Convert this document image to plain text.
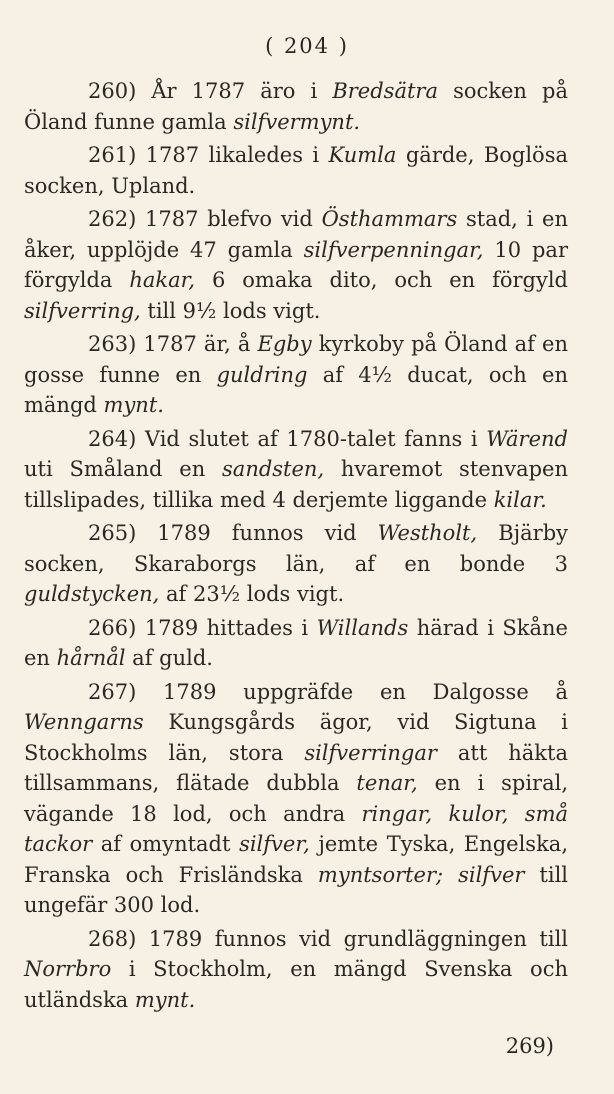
( 204 )

260) År 1787 äro i Bredsätra socken på Öland funne gamla silfvermynt.

261) 1787 likaledes i Kumla gärde, Boglösa socken, Upland.

262) 1787 blefvo vid Östhammars stad, i en åker, upplöjde 47 gamla silfverpenningar, 10 par förgylda hakar, 6 omaka dito, och en förgyld silfverring, till 9½ lods vigt.

263) 1787 är, å Egby kyrkoby på Öland af en gosse funne en guldring af 4½ ducat, och en mängd mynt.

264) Vid slutet af 1780-talet fanns i Wärend uti Småland en sandsten, hvaremot stenvapen tillslipades, tillika med 4 derjemte liggande kilar.

265) 1789 funnos vid Westholt, Bjärby socken, Skaraborgs län, af en bonde 3 guldstycken, af 23½ lods vigt.

266) 1789 hittades i Willands härad i Skåne en hårnål af guld.

267) 1789 uppgräfde en Dalgosse å Wenngarns Kungsgårds ägor, vid Sigtuna i Stockholms län, stora silfverringar att häkta tillsammans, flätade dubbla tenar, en i spiral, vägande 18 lod, och andra ringar, kulor, små tackor af omyntadt silfver, jemte Tyska, Engelska, Franska och Frisländska myntsorter; silfver till ungefär 300 lod.

268) 1789 funnos vid grundläggningen till Norrbro i Stockholm, en mängd Svenska och utländska mynt.

269)
